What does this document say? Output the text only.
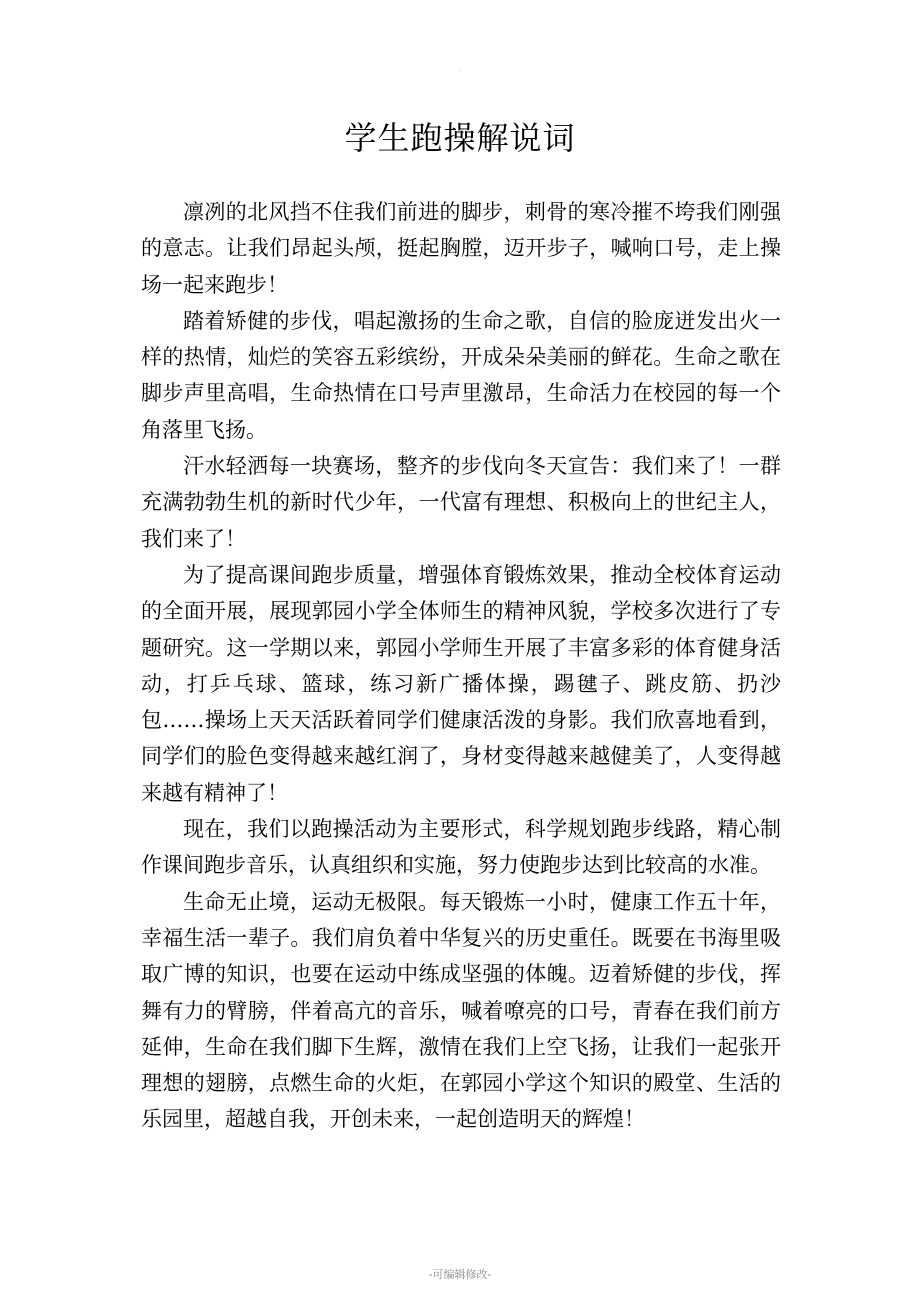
.
学生跑操解说词

凛冽的北风挡不住我们前进的脚步，刺骨的寒冷摧不垮我们刚强的意志。让我们昂起头颅，挺起胸膛，迈开步子，喊响口号，走上操场一起来跑步！

踏着矫健的步伐，唱起激扬的生命之歌，自信的脸庞迸发出火一样的热情，灿烂的笑容五彩缤纷，开成朵朵美丽的鲜花。生命之歌在脚步声里高唱，生命热情在口号声里激昂，生命活力在校园的每一个角落里飞扬。

汗水轻洒每一块赛场，整齐的步伐向冬天宣告：我们来了！一群充满勃勃生机的新时代少年，一代富有理想、积极向上的世纪主人，我们来了！

为了提高课间跑步质量，增强体育锻炼效果，推动全校体育运动的全面开展，展现郭园小学全体师生的精神风貌，学校多次进行了专题研究。这一学期以来，郭园小学师生开展了丰富多彩的体育健身活动，打乒乓球、篮球，练习新广播体操，踢毽子、跳皮筋、扔沙包……操场上天天活跃着同学们健康活泼的身影。我们欣喜地看到，同学们的脸色变得越来越红润了，身材变得越来越健美了，人变得越来越有精神了！

现在，我们以跑操活动为主要形式，科学规划跑步线路，精心制作课间跑步音乐，认真组织和实施，努力使跑步达到比较高的水准。

生命无止境，运动无极限。每天锻炼一小时，健康工作五十年，幸福生活一辈子。我们肩负着中华复兴的历史重任。既要在书海里吸取广博的知识，也要在运动中练成坚强的体魄。迈着矫健的步伐，挥舞有力的臂膀，伴着高亢的音乐，喊着嘹亮的口号，青春在我们前方延伸，生命在我们脚下生辉，激情在我们上空飞扬，让我们一起张开理想的翅膀，点燃生命的火炬，在郭园小学这个知识的殿堂、生活的乐园里，超越自我，开创未来，一起创造明天的辉煌！

-可编辑修改-
